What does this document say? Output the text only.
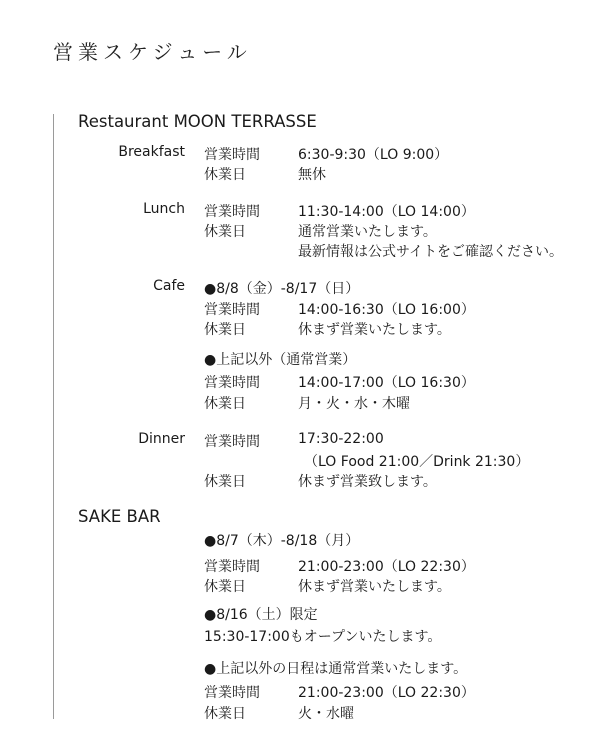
営業スケジュール
Restaurant MOON TERRASSE
Breakfast 営業時間	6:30-9:30（LO 9:00）
休業日	無休
Lunch 営業時間	11:30-14:00（LO 14:00）
休業日	通常営業いたします。
最新情報は公式サイトをご確認ください。
Cafe ●8/8（金）-8/17（日）
営業時間	14:00-16:30（LO 16:00）
休業日	休まず営業いたします。
●上記以外（通常営業）
営業時間	14:00-17:00（LO 16:30）
休業日	月・火・水・木曜
Dinner 営業時間	17:30-22:00
（LO Food 21:00／Drink 21:30）
休業日	休まず営業致します。
SAKE BAR
●8/7（木）-8/18（月）
営業時間	21:00-23:00（LO 22:30）
休業日	休まず営業いたします。
●8/16（土）限定
15:30-17:00もオープンいたします。
●上記以外の日程は通常営業いたします。
営業時間	21:00-23:00（LO 22:30）
休業日	火・水曜
